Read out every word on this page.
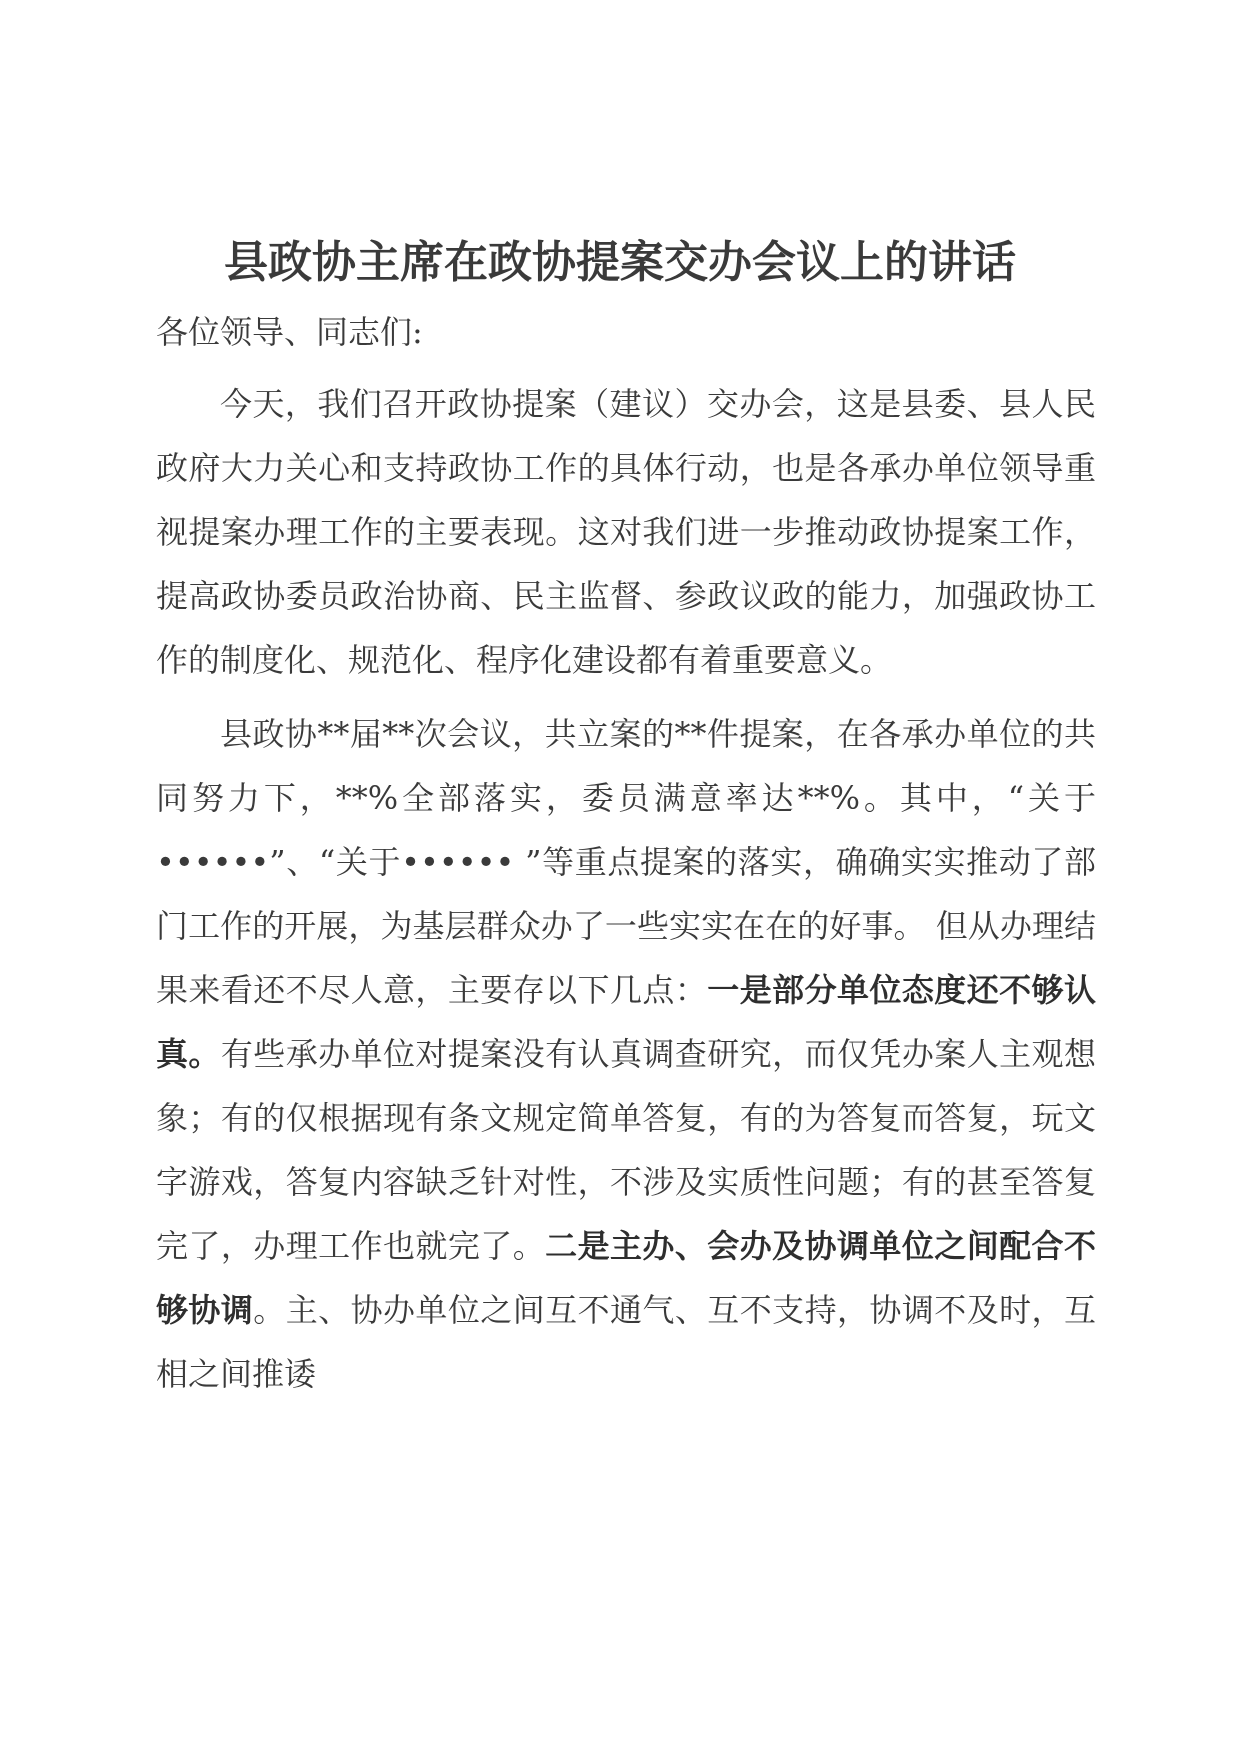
县政协主席在政协提案交办会议上的讲话

各位领导、同志们:

今天，我们召开政协提案（建议）交办会，这是县委、县人民政府大力关心和支持政协工作的具体行动，也是各承办单位领导重视提案办理工作的主要表现。这对我们进一步推动政协提案工作，提高政协委员政治协商、民主监督、参政议政的能力，加强政协工作的制度化、规范化、程序化建设都有着重要意义。

县政协**届**次会议，共立案的**件提案，在各承办单位的共同努力下，**%全部落实，委员满意率达**%。其中，“关于••••••”、“关于•••••• ”等重点提案的落实，确确实实推动了部门工作的开展，为基层群众办了一些实实在在的好事。 但从办理结果来看还不尽人意，主要存以下几点：一是部分单位态度还不够认真。有些承办单位对提案没有认真调查研究，而仅凭办案人主观想象；有的仅根据现有条文规定简单答复，有的为答复而答复，玩文字游戏，答复内容缺乏针对性，不涉及实质性问题；有的甚至答复完了，办理工作也就完了。二是主办、会办及协调单位之间配合不够协调。主、协办单位之间互不通气、互不支持，协调不及时，互相之间推诿
